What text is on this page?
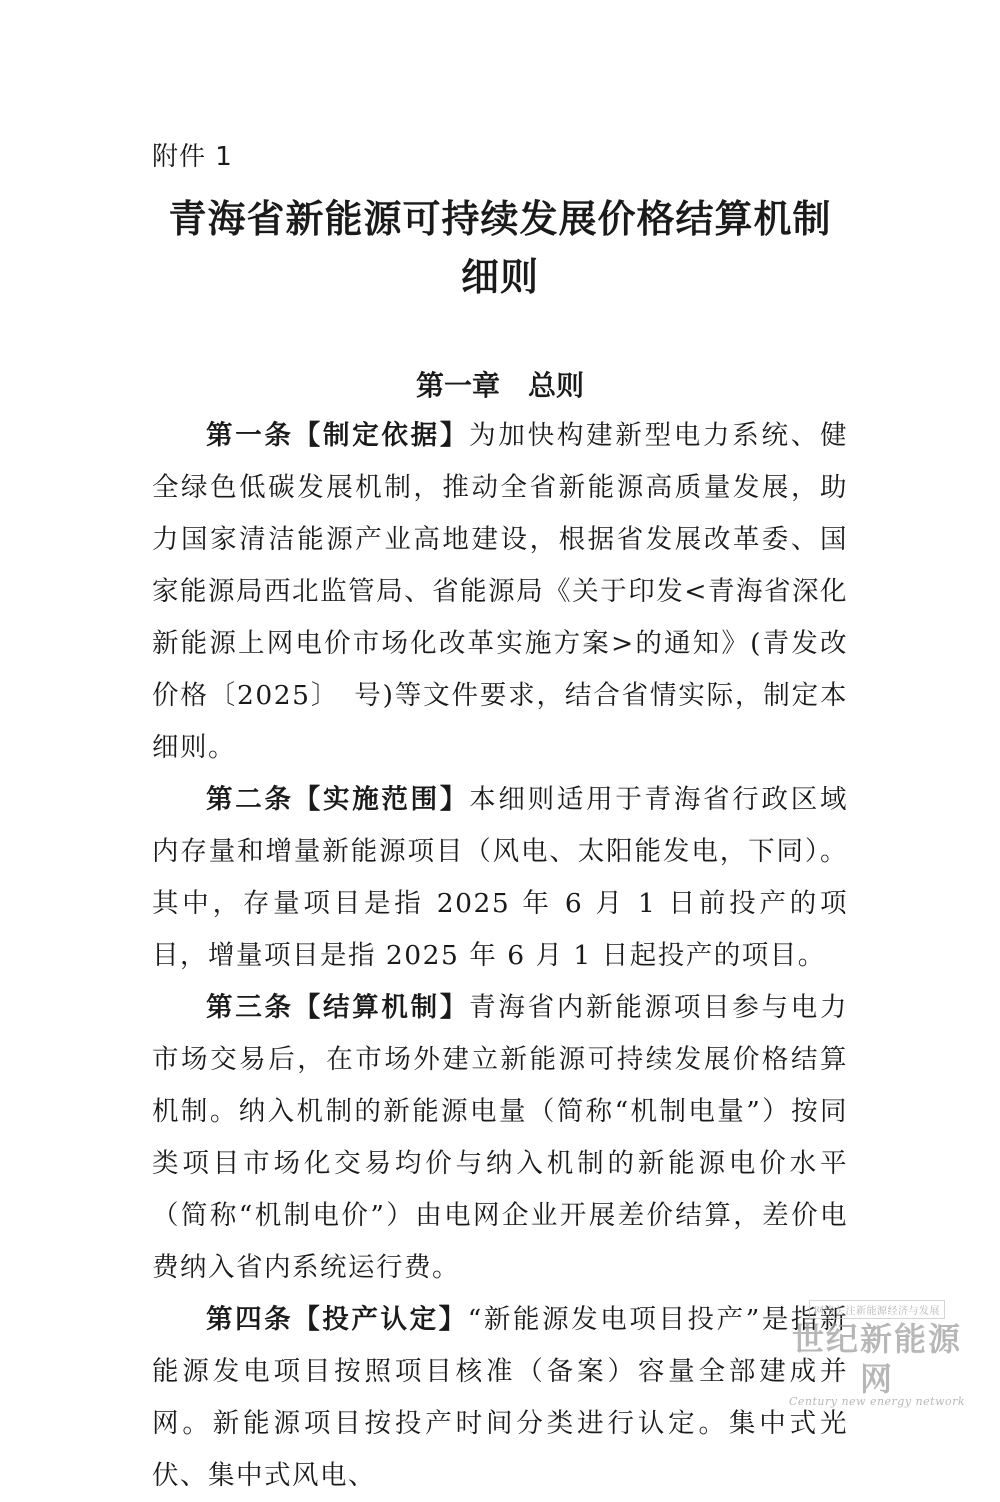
附件 1
青海省新能源可持续发展价格结算机制
细则
第一章　总则

第一条【制定依据】为加快构建新型电力系统、健全绿色低碳发展机制，推动全省新能源高质量发展，助力国家清洁能源产业高地建设，根据省发展改革委、国家能源局西北监管局、省能源局《关于印发<青海省深化新能源上网电价市场化改革实施方案>的通知》(青发改价格〔2025〕　号)等文件要求，结合省情实际，制定本细则。

第二条【实施范围】本细则适用于青海省行政区域内存量和增量新能源项目（风电、太阳能发电，下同）。其中，存量项目是指 2025 年 6 月 1 日前投产的项目，增量项目是指 2025 年 6 月 1 日起投产的项目。

第三条【结算机制】青海省内新能源项目参与电力市场交易后，在市场外建立新能源可持续发展价格结算机制。纳入机制的新能源电量（简称“机制电量”）按同类项目市场化交易均价与纳入机制的新能源电价水平（简称“机制电价”）由电网企业开展差价结算，差价电费纳入省内系统运行费。

第四条【投产认定】“新能源发电项目投产”是指新能源发电项目按照项目核准（备案）容量全部建成并网。新能源项目按投产时间分类进行认定。集中式光伏、集中式风电、

网络关注新能源经济与发展
世纪新能源网
Century new energy network
